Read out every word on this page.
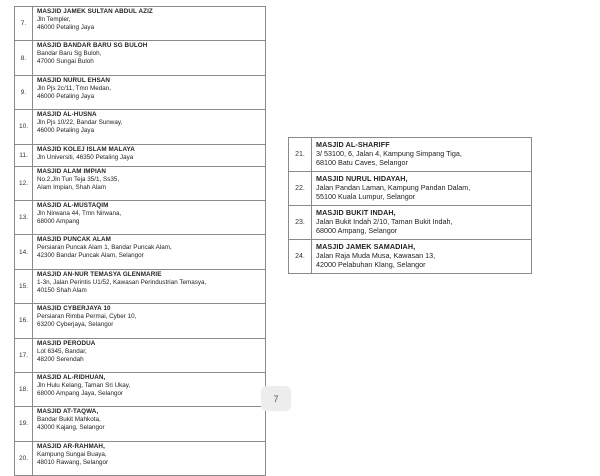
7.	MASJID JAMEK SULTAN ABDUL AZIZ
Jln Templer,
46000 Petaling Jaya

8.	MASJID BANDAR BARU SG BULOH
Bandar Baru Sg Buloh,
47000 Sungai Buloh

9.	MASJID NURUL EHSAN
Jln Pjs 2c/11, Tmn Medan,
46000 Petaling Jaya

10.	MASJID AL-HUSNA
Jln Pjs 10/22, Bandar Sunway,
46000 Petaling Jaya

11.	MASJID KOLEJ ISLAM MALAYA
Jln Universiti, 46350 Petaling Jaya

12.	MASJID ALAM IMPIAN
No.2,Jln Tun Teja 35/1, Ss35,
Alam Impian, Shah Alam

13.	MASJID AL-MUSTAQIM
Jln Nirwana 44, Tmn Nirwana,
68000 Ampang

14.	MASJID PUNCAK ALAM
Persiaran Puncak Alam 1, Bandar Puncak Alam,
42300 Bandar Puncak Alam, Selangor

15.	MASJID AN-NUR TEMASYA GLENMARIE
1-3n, Jalan Perintis U1/52, Kawasan Perindustrian Temasya,
40150 Shah Alam

16.	MASJID CYBERJAYA 10
Persiaran Rimba Permai, Cyber 10,
63200 Cyberjaya, Selangor

17.	MASJID PERODUA
Lot 6345, Bandar,
48200 Serendah

18.	MASJID AL-RIDHUAN,
Jln Hulu Kelang, Taman Sri Ukay,
68000 Ampang Jaya, Selangor

19.	MASJID AT-TAQWA,
Bandar Bukit Mahkota,
43000 Kajang, Selangor

20.	MASJID AR-RAHMAH,
Kampung Sungai Buaya,
48010 Rawang, Selangor
21.	MASJID AL-SHARIFF
3/ 53100, 6, Jalan 4, Kampung Simpang Tiga,
68100 Batu Caves, Selangor

22.	MASJID NURUL HIDAYAH,
Jalan Pandan Laman, Kampung Pandan Dalam,
55100 Kuala Lumpur, Selangor

23.	MASJID BUKIT INDAH,
Jalan Bukit Indah 2/10, Taman Bukit Indah,
68000 Ampang, Selangor

24.	MASJID JAMEK SAMADIAH,
Jalan Raja Muda Musa, Kawasan 13,
42000 Pelabuhan Klang, Selangor
7
